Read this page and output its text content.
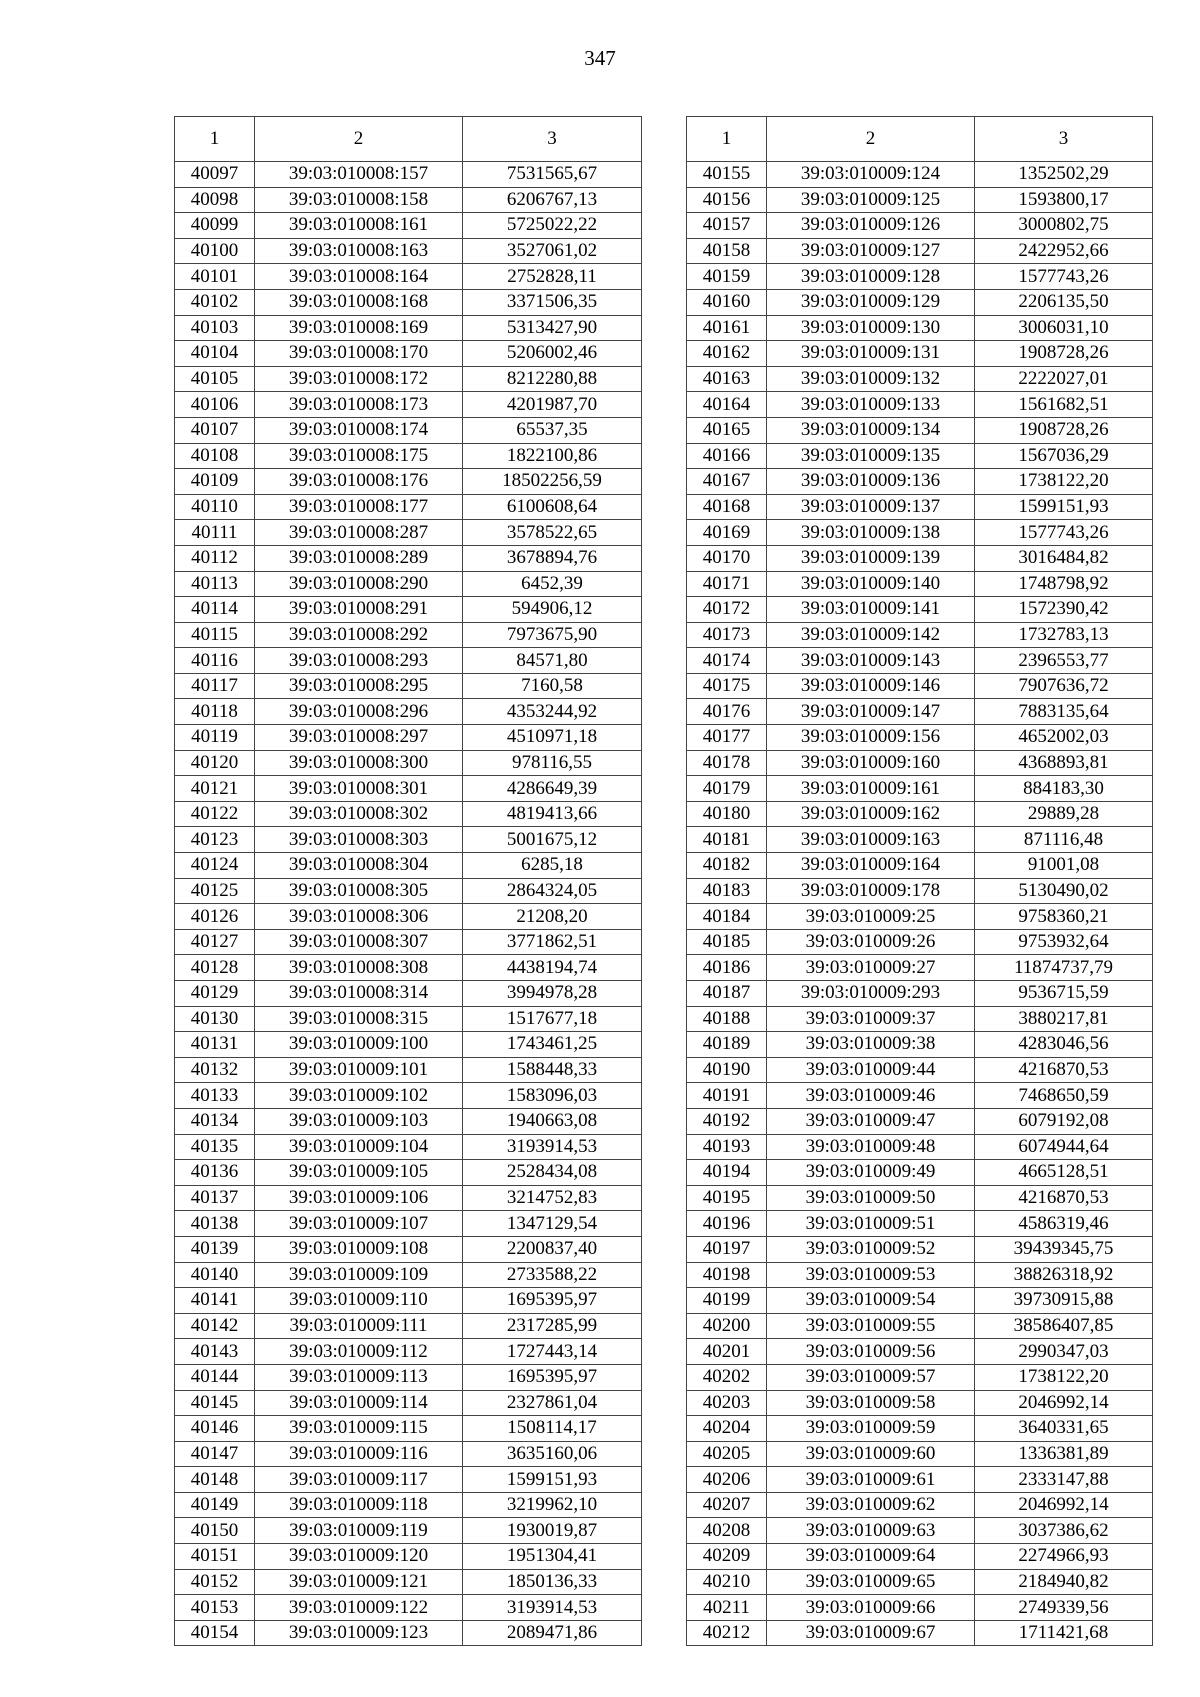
347
1	2	3
40097	39:03:010008:157	7531565,67
40098	39:03:010008:158	6206767,13
40099	39:03:010008:161	5725022,22
40100	39:03:010008:163	3527061,02
40101	39:03:010008:164	2752828,11
40102	39:03:010008:168	3371506,35
40103	39:03:010008:169	5313427,90
40104	39:03:010008:170	5206002,46
40105	39:03:010008:172	8212280,88
40106	39:03:010008:173	4201987,70
40107	39:03:010008:174	65537,35
40108	39:03:010008:175	1822100,86
40109	39:03:010008:176	18502256,59
40110	39:03:010008:177	6100608,64
40111	39:03:010008:287	3578522,65
40112	39:03:010008:289	3678894,76
40113	39:03:010008:290	6452,39
40114	39:03:010008:291	594906,12
40115	39:03:010008:292	7973675,90
40116	39:03:010008:293	84571,80
40117	39:03:010008:295	7160,58
40118	39:03:010008:296	4353244,92
40119	39:03:010008:297	4510971,18
40120	39:03:010008:300	978116,55
40121	39:03:010008:301	4286649,39
40122	39:03:010008:302	4819413,66
40123	39:03:010008:303	5001675,12
40124	39:03:010008:304	6285,18
40125	39:03:010008:305	2864324,05
40126	39:03:010008:306	21208,20
40127	39:03:010008:307	3771862,51
40128	39:03:010008:308	4438194,74
40129	39:03:010008:314	3994978,28
40130	39:03:010008:315	1517677,18
40131	39:03:010009:100	1743461,25
40132	39:03:010009:101	1588448,33
40133	39:03:010009:102	1583096,03
40134	39:03:010009:103	1940663,08
40135	39:03:010009:104	3193914,53
40136	39:03:010009:105	2528434,08
40137	39:03:010009:106	3214752,83
40138	39:03:010009:107	1347129,54
40139	39:03:010009:108	2200837,40
40140	39:03:010009:109	2733588,22
40141	39:03:010009:110	1695395,97
40142	39:03:010009:111	2317285,99
40143	39:03:010009:112	1727443,14
40144	39:03:010009:113	1695395,97
40145	39:03:010009:114	2327861,04
40146	39:03:010009:115	1508114,17
40147	39:03:010009:116	3635160,06
40148	39:03:010009:117	1599151,93
40149	39:03:010009:118	3219962,10
40150	39:03:010009:119	1930019,87
40151	39:03:010009:120	1951304,41
40152	39:03:010009:121	1850136,33
40153	39:03:010009:122	3193914,53
40154	39:03:010009:123	2089471,86
1	2	3
40155	39:03:010009:124	1352502,29
40156	39:03:010009:125	1593800,17
40157	39:03:010009:126	3000802,75
40158	39:03:010009:127	2422952,66
40159	39:03:010009:128	1577743,26
40160	39:03:010009:129	2206135,50
40161	39:03:010009:130	3006031,10
40162	39:03:010009:131	1908728,26
40163	39:03:010009:132	2222027,01
40164	39:03:010009:133	1561682,51
40165	39:03:010009:134	1908728,26
40166	39:03:010009:135	1567036,29
40167	39:03:010009:136	1738122,20
40168	39:03:010009:137	1599151,93
40169	39:03:010009:138	1577743,26
40170	39:03:010009:139	3016484,82
40171	39:03:010009:140	1748798,92
40172	39:03:010009:141	1572390,42
40173	39:03:010009:142	1732783,13
40174	39:03:010009:143	2396553,77
40175	39:03:010009:146	7907636,72
40176	39:03:010009:147	7883135,64
40177	39:03:010009:156	4652002,03
40178	39:03:010009:160	4368893,81
40179	39:03:010009:161	884183,30
40180	39:03:010009:162	29889,28
40181	39:03:010009:163	871116,48
40182	39:03:010009:164	91001,08
40183	39:03:010009:178	5130490,02
40184	39:03:010009:25	9758360,21
40185	39:03:010009:26	9753932,64
40186	39:03:010009:27	11874737,79
40187	39:03:010009:293	9536715,59
40188	39:03:010009:37	3880217,81
40189	39:03:010009:38	4283046,56
40190	39:03:010009:44	4216870,53
40191	39:03:010009:46	7468650,59
40192	39:03:010009:47	6079192,08
40193	39:03:010009:48	6074944,64
40194	39:03:010009:49	4665128,51
40195	39:03:010009:50	4216870,53
40196	39:03:010009:51	4586319,46
40197	39:03:010009:52	39439345,75
40198	39:03:010009:53	38826318,92
40199	39:03:010009:54	39730915,88
40200	39:03:010009:55	38586407,85
40201	39:03:010009:56	2990347,03
40202	39:03:010009:57	1738122,20
40203	39:03:010009:58	2046992,14
40204	39:03:010009:59	3640331,65
40205	39:03:010009:60	1336381,89
40206	39:03:010009:61	2333147,88
40207	39:03:010009:62	2046992,14
40208	39:03:010009:63	3037386,62
40209	39:03:010009:64	2274966,93
40210	39:03:010009:65	2184940,82
40211	39:03:010009:66	2749339,56
40212	39:03:010009:67	1711421,68
